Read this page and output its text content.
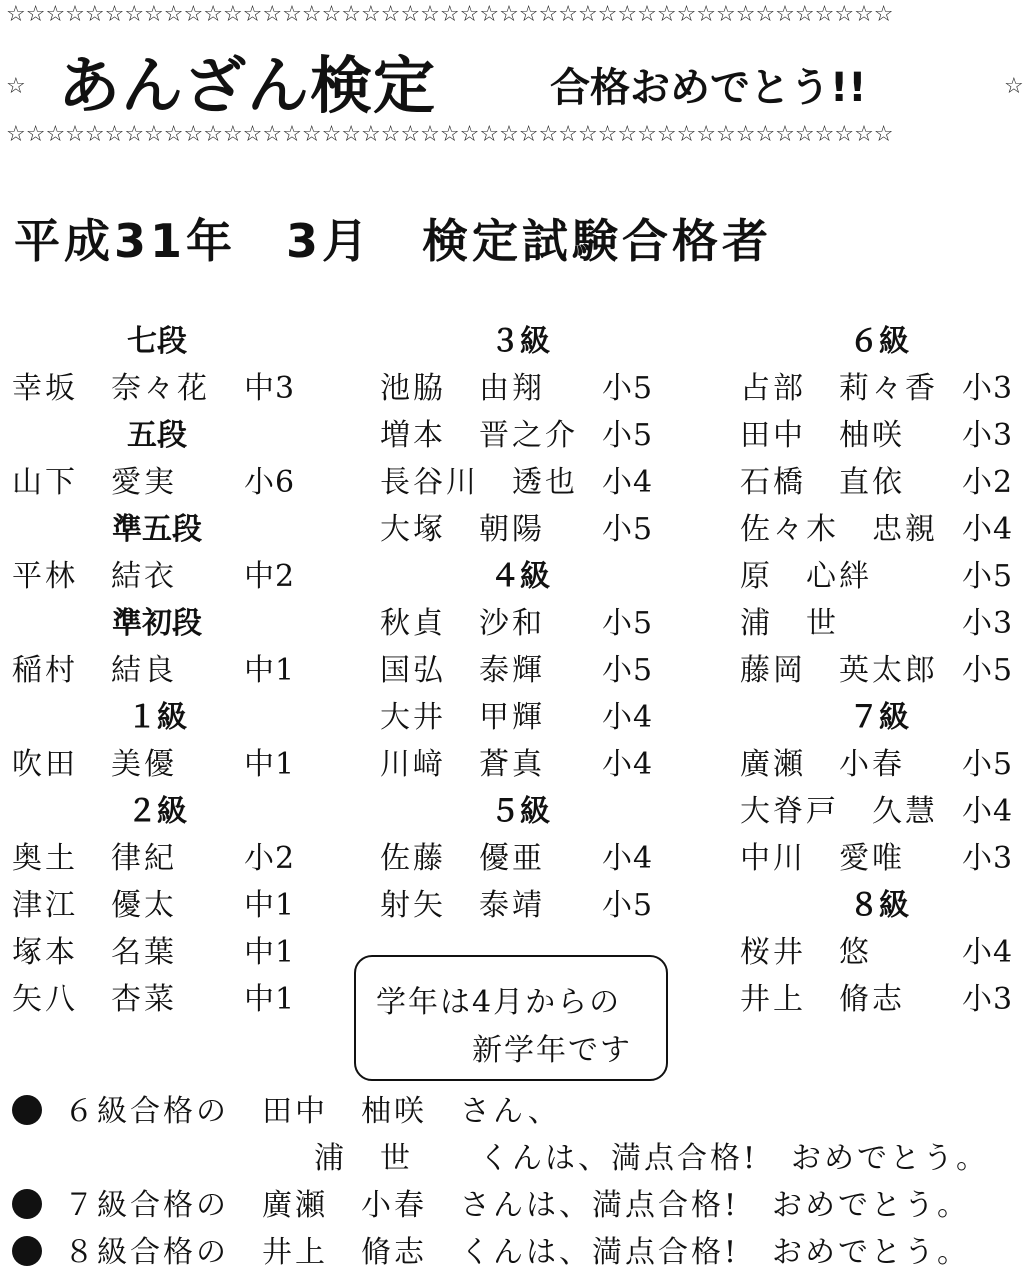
☆☆☆☆☆☆☆☆☆☆☆☆☆☆☆☆☆☆☆☆☆☆☆☆☆☆☆☆☆☆☆☆☆☆☆☆☆☆☆☆☆☆☆☆☆
☆ あんざん検定	合格おめでとう!!	☆
☆☆☆☆☆☆☆☆☆☆☆☆☆☆☆☆☆☆☆☆☆☆☆☆☆☆☆☆☆☆☆☆☆☆☆☆☆☆☆☆☆☆☆☆☆
平成31年　3月　検定試験合格者
七段
幸坂　奈々花 中3
五段
山下　愛実 小6
準五段
平林　結衣 中2
準初段
稲村　結良 中1
１級
吹田　美優 中1
２級
奥土　律紀 小2
津江　優太 中1
塚本　名葉 中1
矢八　杏菜 中1
３級
池脇　由翔 小5
増本　晋之介 小5
長谷川　透也 小4
大塚　朝陽 小5
４級
秋貞　沙和 小5
国弘　泰輝 小5
大井　甲輝 小4
川﨑　蒼真 小4
５級
佐藤　優亜 小4
射矢　泰靖 小5
６級
占部　莉々香 小3
田中　柚咲 小3
石橋　直依 小2
佐々木　忠親 小4
原　心絆	小5
浦　世	小3
藤岡　英太郎 小5
７級
廣瀬　小春 小5
大脊戸　久慧 小4
中川　愛唯 小3
８級
桜井　悠	小4
井上　脩志 小3
学年は4月からの
新学年です
６級合格の　田中　柚咲　さん、
浦　世　　くんは、満点合格!　おめでとう。
７級合格の　廣瀬　小春　さんは、満点合格!　おめでとう。
８級合格の　井上　脩志　くんは、満点合格!　おめでとう。
